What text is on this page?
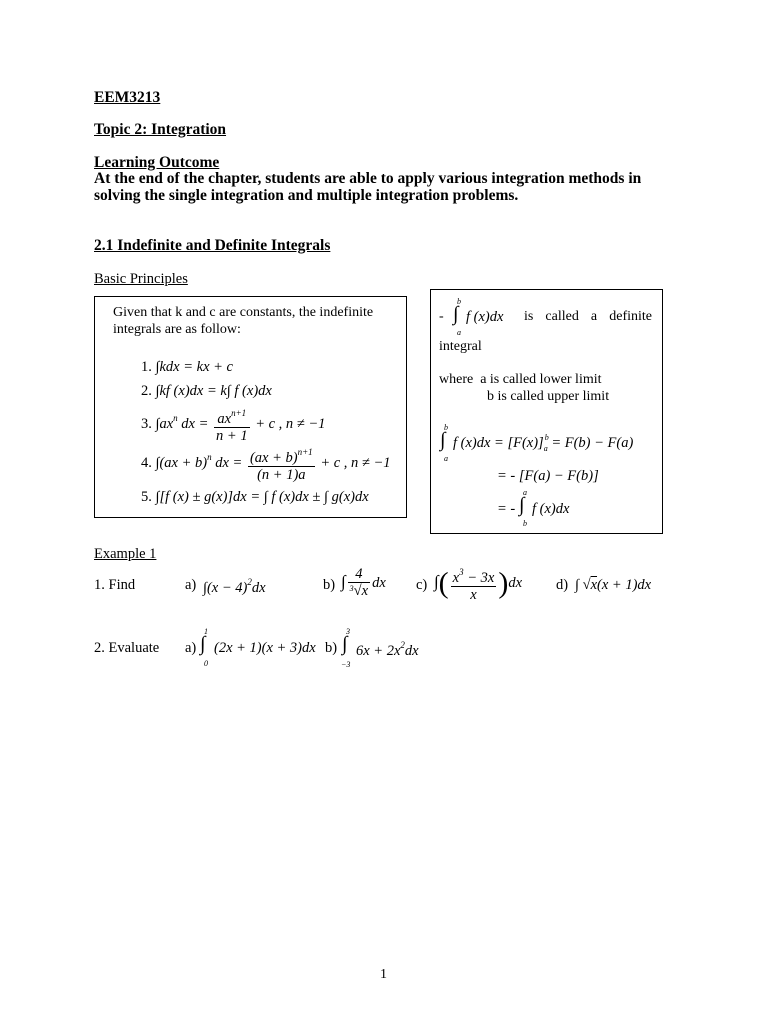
EEM3213
Topic 2: Integration
Learning Outcome
At the end of the chapter, students are able to apply various integration methods in
solving the single integration and multiple integration problems.
2.1 Indefinite and Definite Integrals
Basic Principles
Given that k and c are constants, the indefinite
integrals are as follow:
1. ∫kdx = kx + c
2. ∫kf (x)dx = k∫ f (x)dx
3. $\int ax^n$ dx = $\frac{ax^{n+1}}{n + 1} + c$ , n ≠ −1
4. ∫(ax + b)$^n$ dx = $\frac{(ax + b)^{n+1}}{(n + 1)a} + c$ , n ≠ −1
5. ∫[f (x) ± g(x)]dx = ∫ f (x)dx ± ∫ g(x)dx
-
b
∫
a
f (x)dx is called a definite
integral
where  a is called lower limit
b is called upper limit
b
∫
a
f $(x)dx = [F(x)]^b_a = F(b) - F(a)$
= - [F(a) − F(b)]
= -
a
∫
b
f (x)dx
Example 1
1. Find	a) $\int(x - 4)^2dx$	b) ∫ $\frac{4}{^3√x}$ dx c) ∫( $\frac{x^3 - 3x}{x} )dx$ d) ∫ √x(x + 1)dx
2. Evaluate a)
1
∫
0
(2x + 1)(x + 3)dx b)
3
∫
−3
$6x + 2x^2dx$
1
